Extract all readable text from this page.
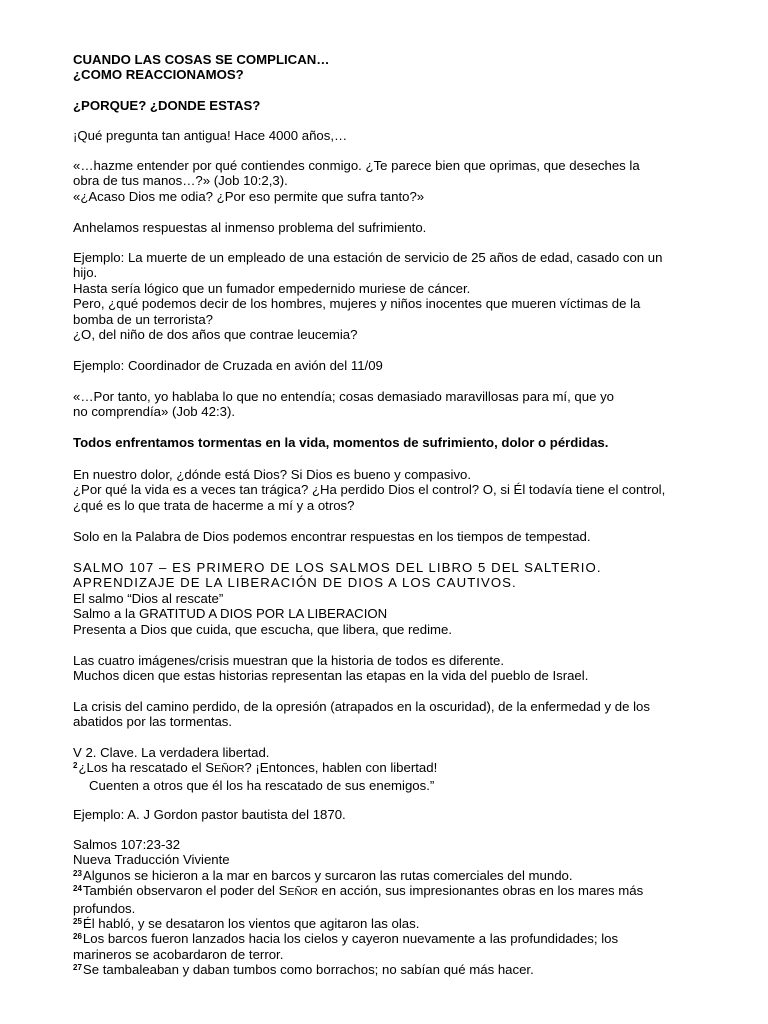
CUANDO LAS COSAS SE COMPLICAN…
¿COMO REACCIONAMOS?
¿PORQUE? ¿DONDE ESTAS?
¡Qué pregunta tan antigua! Hace 4000 años,…
«…hazme entender por qué contiendes conmigo. ¿Te parece bien que oprimas, que deseches la
obra de tus manos…?» (Job 10:2,3).
«¿Acaso Dios me odia? ¿Por eso permite que sufra tanto?»
Anhelamos respuestas al inmenso problema del sufrimiento.
Ejemplo: La muerte de un empleado de una estación de servicio de 25 años de edad, casado con un
hijo.
Hasta sería lógico que un fumador empedernido muriese de cáncer.
Pero, ¿qué podemos decir de los hombres, mujeres y niños inocentes que mueren víctimas de la
bomba de un terrorista?
¿O, del niño de dos años que contrae leucemia?
Ejemplo: Coordinador de Cruzada en avión del 11/09
«…Por tanto, yo hablaba lo que no entendía; cosas demasiado maravillosas para mí, que yo
no comprendía» (Job 42:3).
Todos enfrentamos tormentas en la vida, momentos de sufrimiento, dolor o pérdidas.
En nuestro dolor, ¿dónde está Dios? Si Dios es bueno y compasivo.
¿Por qué la vida es a veces tan trágica? ¿Ha perdido Dios el control? O, si Él todavía tiene el control,
¿qué es lo que trata de hacerme a mí y a otros?
Solo en la Palabra de Dios podemos encontrar respuestas en los tiempos de tempestad.
SALMO 107 – ES PRIMERO DE LOS SALMOS DEL LIBRO 5 DEL SALTERIO.
APRENDIZAJE DE LA LIBERACIÓN DE DIOS A LOS CAUTIVOS.
El salmo “Dios al rescate”
Salmo a la GRATITUD A DIOS POR LA LIBERACION
Presenta a Dios que cuida, que escucha, que libera, que redime.
Las cuatro imágenes/crisis muestran que la historia de todos es diferente.
Muchos dicen que estas historias representan las etapas en la vida del pueblo de Israel.
La crisis del camino perdido, de la opresión (atrapados en la oscuridad), de la enfermedad y de los
abatidos por las tormentas.
V 2. Clave. La verdadera libertad.
$^2$¿Los ha rescatado el SEÑOR? ¡Entonces, hablen con libertad!
Cuenten a otros que él los ha rescatado de sus enemigos.”
Ejemplo: A. J Gordon pastor bautista del 1870.
Salmos 107:23-32
Nueva Traducción Viviente
$^{23}$Algunos se hicieron a la mar en barcos y surcaron las rutas comerciales del mundo.
$^{24}$También observaron el poder del SEÑOR en acción, sus impresionantes obras en los mares más
profundos.
$^{25}$Él habló, y se desataron los vientos que agitaron las olas.
$^{26}$Los barcos fueron lanzados hacia los cielos y cayeron nuevamente a las profundidades; los
marineros se acobardaron de terror.
$^{27}$Se tambaleaban y daban tumbos como borrachos; no sabían qué más hacer.
